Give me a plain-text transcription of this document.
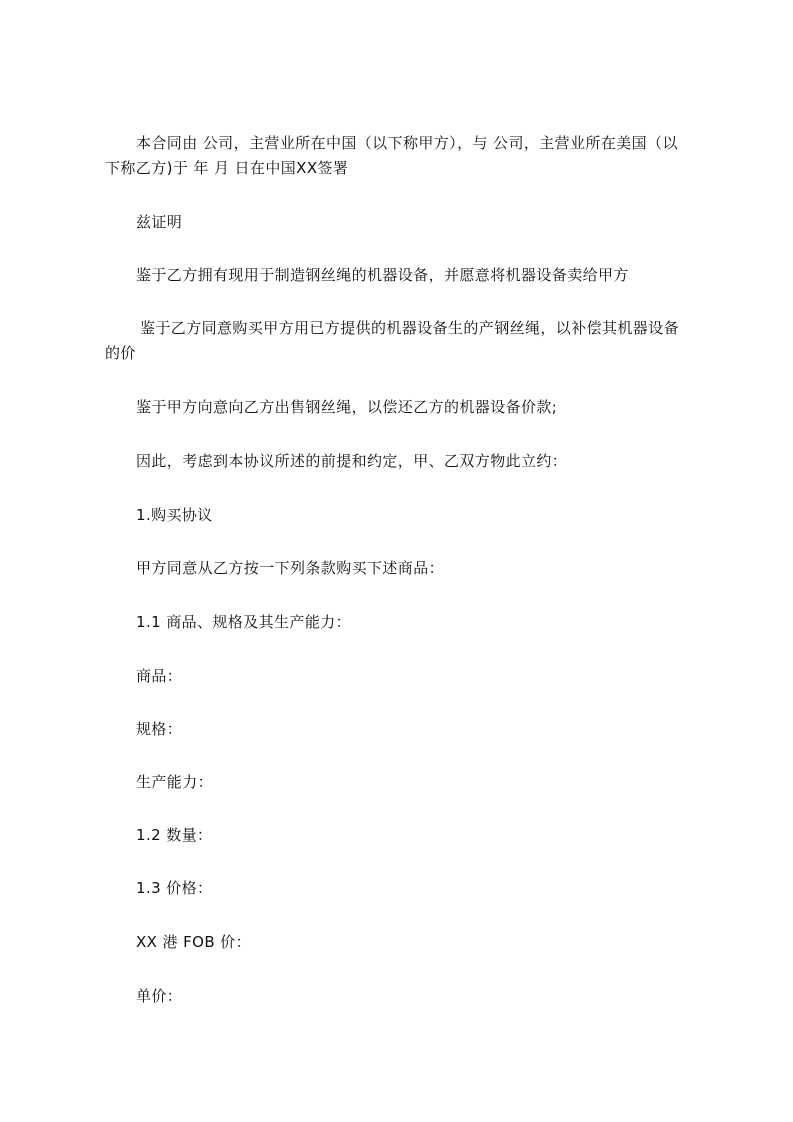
本合同由 公司，主营业所在中国（以下称甲方），与 公司，主营业所在美国（以
下称乙方)于 年 月 日在中国XX签署
兹证明
鉴于乙方拥有现用于制造钢丝绳的机器设备，并愿意将机器设备卖给甲方
鉴于乙方同意购买甲方用已方提供的机器设备生的产钢丝绳，以补偿其机器设备
的价
鉴于甲方向意向乙方出售钢丝绳，以偿还乙方的机器设备价款;
因此，考虑到本协议所述的前提和约定，甲、乙双方物此立约：
1.购买协议
甲方同意从乙方按一下列条款购买下述商品：
1.1 商品、规格及其生产能力：
商品：
规格：
生产能力：
1.2 数量：
1.3 价格：
XX 港 FOB 价：
单价：
